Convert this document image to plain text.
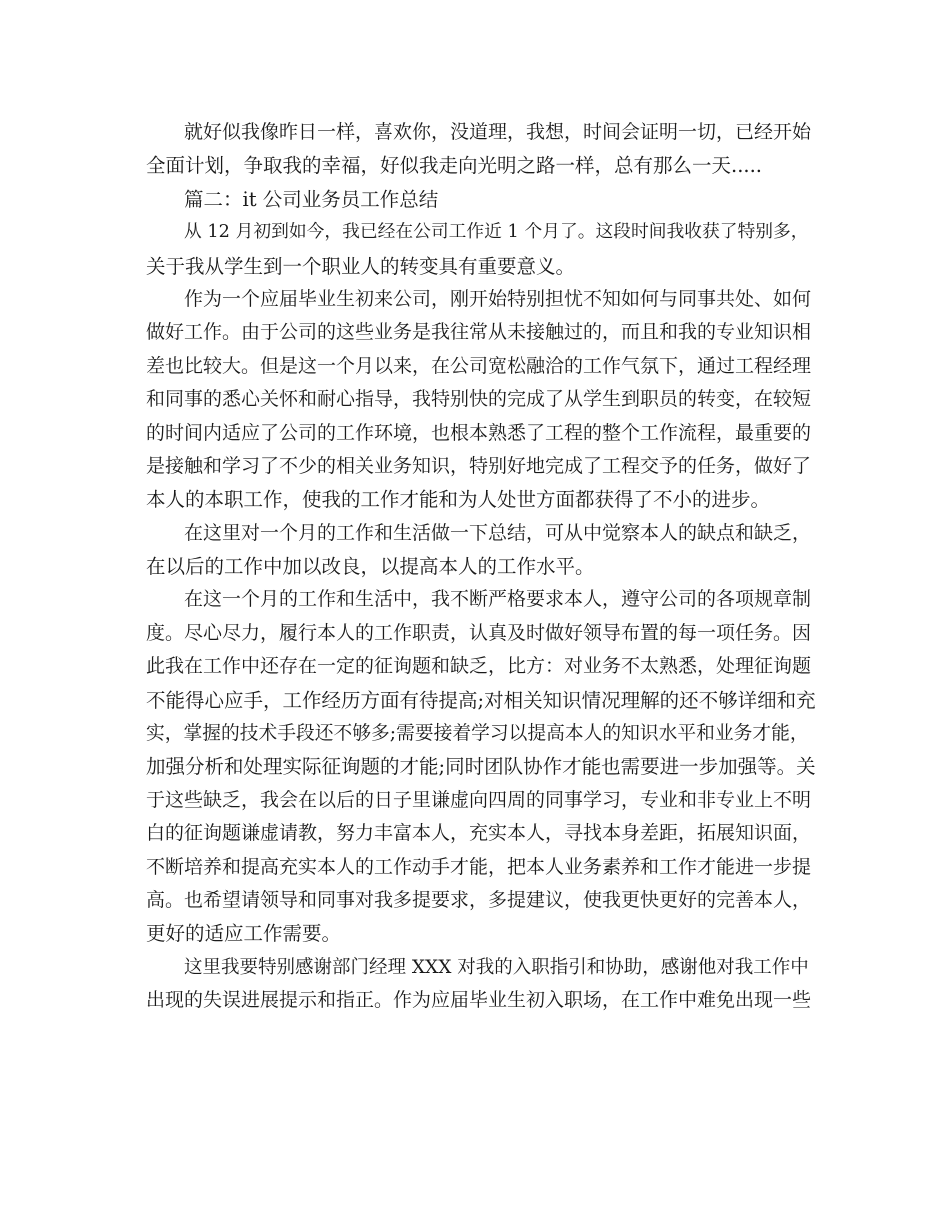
就好似我像昨日一样，喜欢你，没道理，我想，时间会证明一切，已经开始
全面计划，争取我的幸福，好似我走向光明之路一样，总有那么一天.....
篇二：it 公司业务员工作总结
从 12 月初到如今，我已经在公司工作近 1 个月了。这段时间我收获了特别多，
关于我从学生到一个职业人的转变具有重要意义。
作为一个应届毕业生初来公司，刚开始特别担忧不知如何与同事共处、如何
做好工作。由于公司的这些业务是我往常从未接触过的，而且和我的专业知识相
差也比较大。但是这一个月以来，在公司宽松融洽的工作气氛下，通过工程经理
和同事的悉心关怀和耐心指导，我特别快的完成了从学生到职员的转变，在较短
的时间内适应了公司的工作环境，也根本熟悉了工程的整个工作流程，最重要的
是接触和学习了不少的相关业务知识，特别好地完成了工程交予的任务，做好了
本人的本职工作，使我的工作才能和为人处世方面都获得了不小的进步。
在这里对一个月的工作和生活做一下总结，可从中觉察本人的缺点和缺乏，
在以后的工作中加以改良，以提高本人的工作水平。
在这一个月的工作和生活中，我不断严格要求本人，遵守公司的各项规章制
度。尽心尽力，履行本人的工作职责，认真及时做好领导布置的每一项任务。因
此我在工作中还存在一定的征询题和缺乏，比方：对业务不太熟悉，处理征询题
不能得心应手，工作经历方面有待提高;对相关知识情况理解的还不够详细和充
实，掌握的技术手段还不够多;需要接着学习以提高本人的知识水平和业务才能，
加强分析和处理实际征询题的才能;同时团队协作才能也需要进一步加强等。关
于这些缺乏，我会在以后的日子里谦虚向四周的同事学习，专业和非专业上不明
白的征询题谦虚请教，努力丰富本人，充实本人，寻找本身差距，拓展知识面，
不断培养和提高充实本人的工作动手才能，把本人业务素养和工作才能进一步提
高。也希望请领导和同事对我多提要求，多提建议，使我更快更好的完善本人，
更好的适应工作需要。
这里我要特别感谢部门经理 XXX 对我的入职指引和协助，感谢他对我工作中
出现的失误进展提示和指正。作为应届毕业生初入职场，在工作中难免出现一些
